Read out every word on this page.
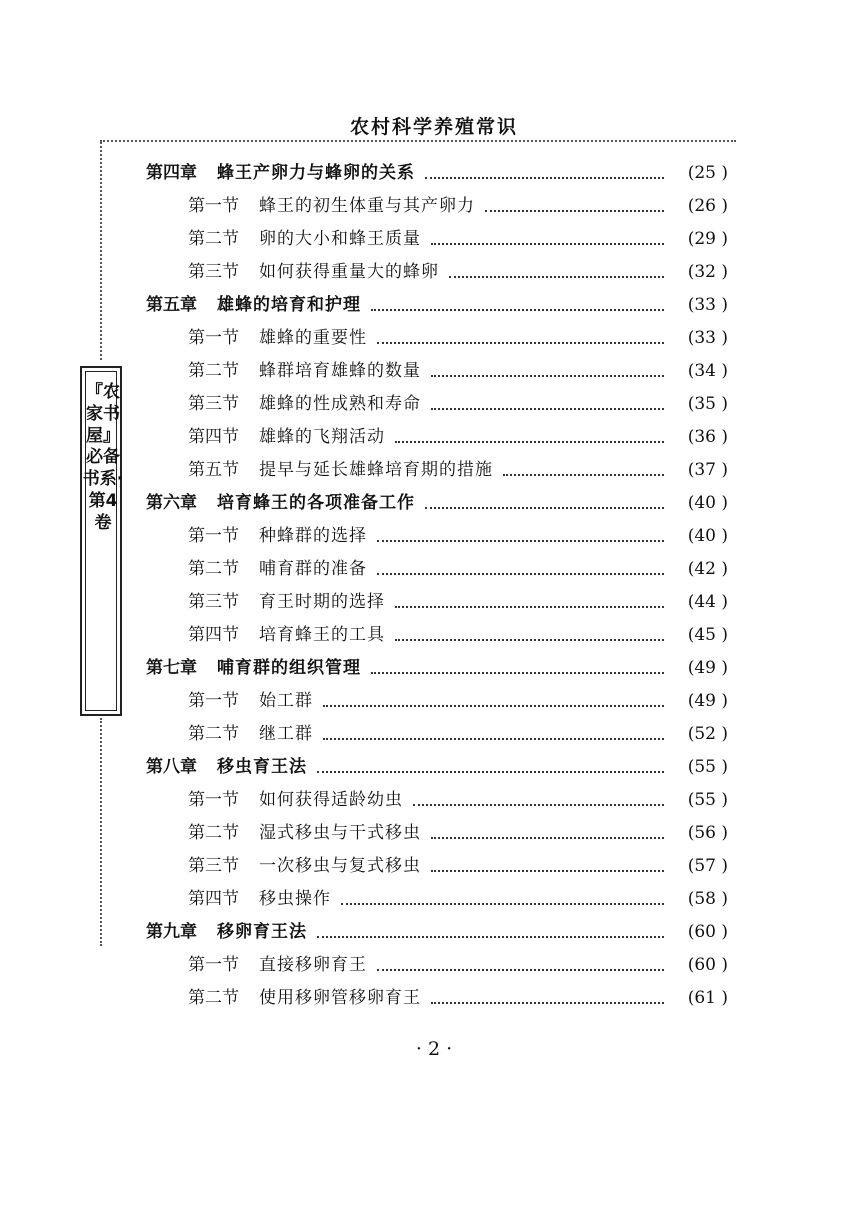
农村科学养殖常识
『农家书屋』必备书系·第4卷
第四章 蜂王产卵力与蜂卵的关系	(25 )
第一节 蜂王的初生体重与其产卵力	(26 )
第二节 卵的大小和蜂王质量	(29 )
第三节 如何获得重量大的蜂卵	(32 )
第五章 雄蜂的培育和护理	(33 )
第一节 雄蜂的重要性	(33 )
第二节 蜂群培育雄蜂的数量	(34 )
第三节 雄蜂的性成熟和寿命	(35 )
第四节 雄蜂的飞翔活动	(36 )
第五节 提早与延长雄蜂培育期的措施	(37 )
第六章 培育蜂王的各项准备工作	(40 )
第一节 种蜂群的选择	(40 )
第二节 哺育群的准备	(42 )
第三节 育王时期的选择	(44 )
第四节 培育蜂王的工具	(45 )
第七章 哺育群的组织管理	(49 )
第一节 始工群	(49 )
第二节 继工群	(52 )
第八章 移虫育王法	(55 )
第一节 如何获得适龄幼虫	(55 )
第二节 湿式移虫与干式移虫	(56 )
第三节 一次移虫与复式移虫	(57 )
第四节 移虫操作	(58 )
第九章 移卵育王法	(60 )
第一节 直接移卵育王	(60 )
第二节 使用移卵管移卵育王	(61 )
· 2 ·
